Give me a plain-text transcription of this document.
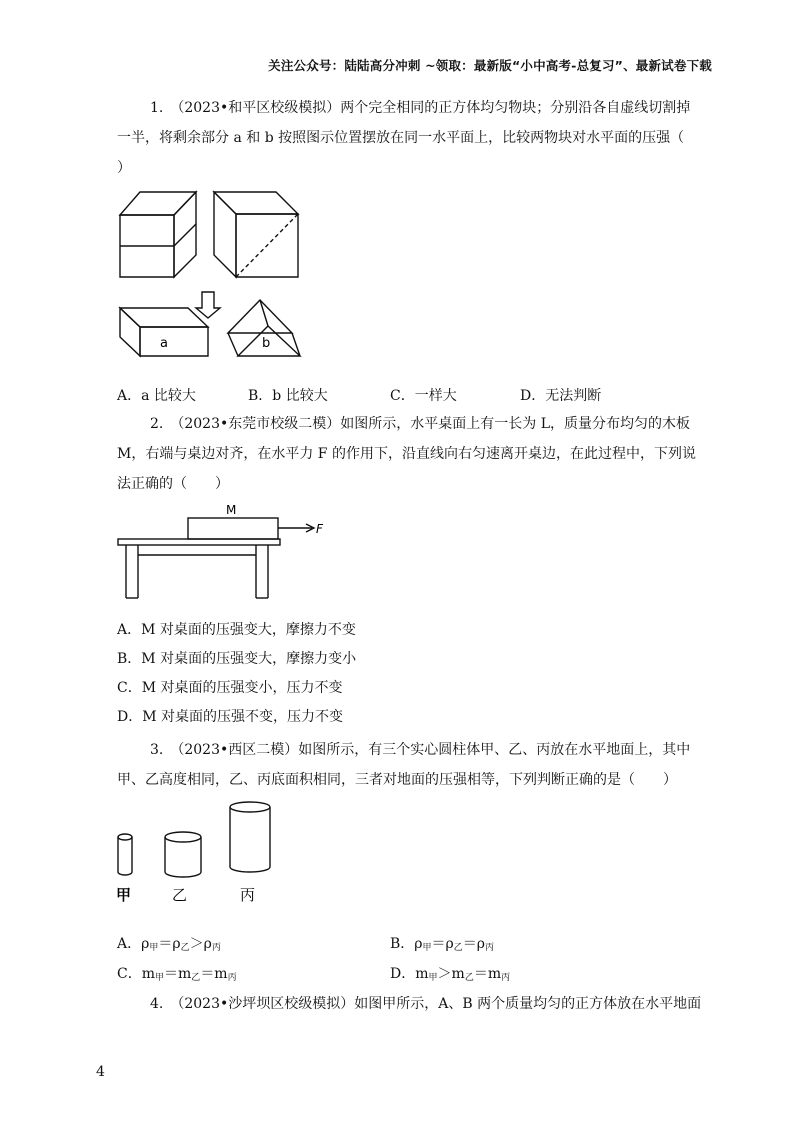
关注公众号：陆陆高分冲刺 ~领取：最新版“小中高考-总复习”、最新试卷下载
1.　（2023•和平区校级模拟）两个完全相同的正方体均匀物块；分别沿各自虚线切割掉
一半，将剩余部分 a 和 b 按照图示位置摆放在同一水平面上，比较两物块对水平面的压强（
）
a	b
A．a 比较大	B．b 比较大	C．一样大	D．无法判断
2.　（2023•东莞市校级二模）如图所示，水平桌面上有一长为 L，质量分布均匀的木板
M，右端与桌边对齐，在水平力 F 的作用下，沿直线向右匀速离开桌边，在此过程中，下列说
法正确的（　　）
M
F
A．M 对桌面的压强变大，摩擦力不变
B．M 对桌面的压强变大，摩擦力变小
C．M 对桌面的压强变小，压力不变
D．M 对桌面的压强不变，压力不变
3.　（2023•西区二模）如图所示，有三个实心圆柱体甲、乙、丙放在水平地面上，其中
甲、乙高度相同，乙、丙底面积相同，三者对地面的压强相等，下列判断正确的是（　　）
甲	乙	丙
A．$\rho_甲=\rho_乙>\rho_丙$	B．$\rho_甲=\rho_乙=\rho_丙$
C．$m_甲=m_乙=m_丙$	D．$m_甲>m_乙=m_丙$
4.　（2023•沙坪坝区校级模拟）如图甲所示，A、B 两个质量均匀的正方体放在水平地面
4
